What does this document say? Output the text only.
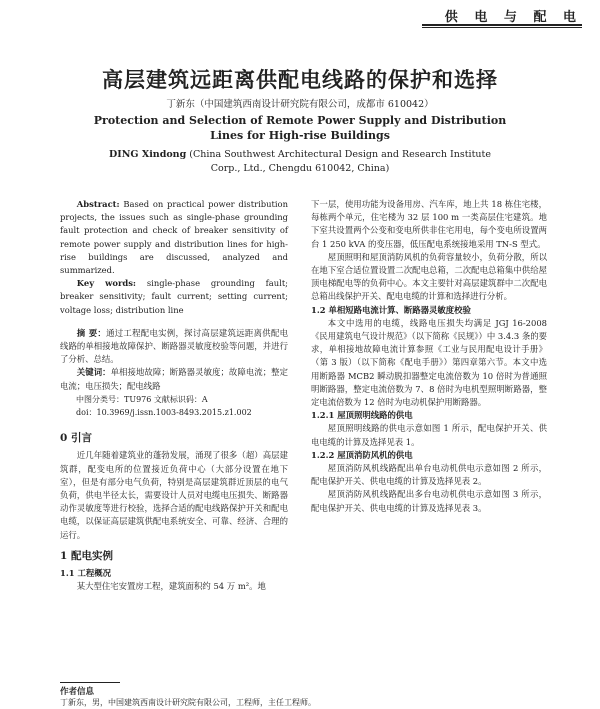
供 电 与 配 电
高层建筑远距离供配电线路的保护和选择
丁新东（中国建筑西南设计研究院有限公司，成都市 610042）
Protection and Selection of Remote Power Supply and Distribution
Lines for High-rise Buildings
DING Xindong (China Southwest Architectural Design and Research Institute
Corp., Ltd., Chengdu 610042, China)

Abstract: Based on practical power distribution projects, the issues such as single-phase grounding fault protection and check of breaker sensitivity of remote power supply and distribution lines for high-rise buildings are discussed, analyzed and summarized.

Key words: single-phase grounding fault; breaker sensitivity; fault current; setting current; voltage loss; distribution line

摘 要：通过工程配电实例，探讨高层建筑远距离供配电线路的单相接地故障保护、断路器灵敏度校验等问题，并进行了分析、总结。

关键词：单相接地故障；断路器灵敏度；故障电流；整定电流；电压损失；配电线路

中图分类号：TU976 文献标识码：A

doi：10.3969/j.issn.1003-8493.2015.z1.002

0 引言

近几年随着建筑业的蓬勃发展，涌现了很多（超）高层建筑群，配变电所的位置接近负荷中心（大部分设置在地下室），但是有部分电气负荷，特别是高层建筑群近顶层的电气负荷，供电半径太长，需要设计人员对电缆电压损失、断路器动作灵敏度等进行校验，选择合适的配电线路保护开关和配电电缆，以保证高层建筑供配电系统安全、可靠、经济、合理的运行。

1 配电实例

1.1 工程概况

某大型住宅安置房工程，建筑面积约 54 万 m²。地

下一层，使用功能为设备用房、汽车库，地上共 18 栋住宅楼，每栋两个单元，住宅楼为 32 层 100 m 一类高层住宅建筑。地下室共设置两个公变和变电所供非住宅用电，每个变电所设置两台 1 250 kVA 的变压器，低压配电系统接地采用 TN-S 型式。

屋顶照明和屋顶消防风机的负荷容量较小，负荷分散，所以在地下室合适位置设置二次配电总箱，二次配电总箱集中供给屋顶电梯配电等的负荷中心。本文主要针对高层建筑群中二次配电总箱出线保护开关、配电电缆的计算和选择进行分析。

1.2 单相短路电流计算、断路器灵敏度校验

本文中选用的电缆，线路电压损失均满足 JGJ 16-2008《民用建筑电气设计规范》（以下简称《民规》）中 3.4.3 条的要求，单相接地故障电流计算参照《工业与民用配电设计手册》（第 3 版）（以下简称《配电手册》）第四章第六节。本文中选用断路器 MCB2 瞬动脱扣器整定电流倍数为 10 倍时为普通照明断路器，整定电流倍数为 7、8 倍时为电机型照明断路器，整定电流倍数为 12 倍时为电动机保护用断路器。

1.2.1 屋顶照明线路的供电

屋顶照明线路的供电示意如图 1 所示，配电保护开关、供电电缆的计算及选择见表 1。

1.2.2 屋顶消防风机的供电

屋顶消防风机线路配出单台电动机供电示意如图 2 所示，配电保护开关、供电电缆的计算及选择见表 2。

屋顶消防风机线路配出多台电动机供电示意如图 3 所示，配电保护开关、供电电缆的计算及选择见表 3。

作者信息
丁新东，男，中国建筑西南设计研究院有限公司，工程师，主任工程师。
